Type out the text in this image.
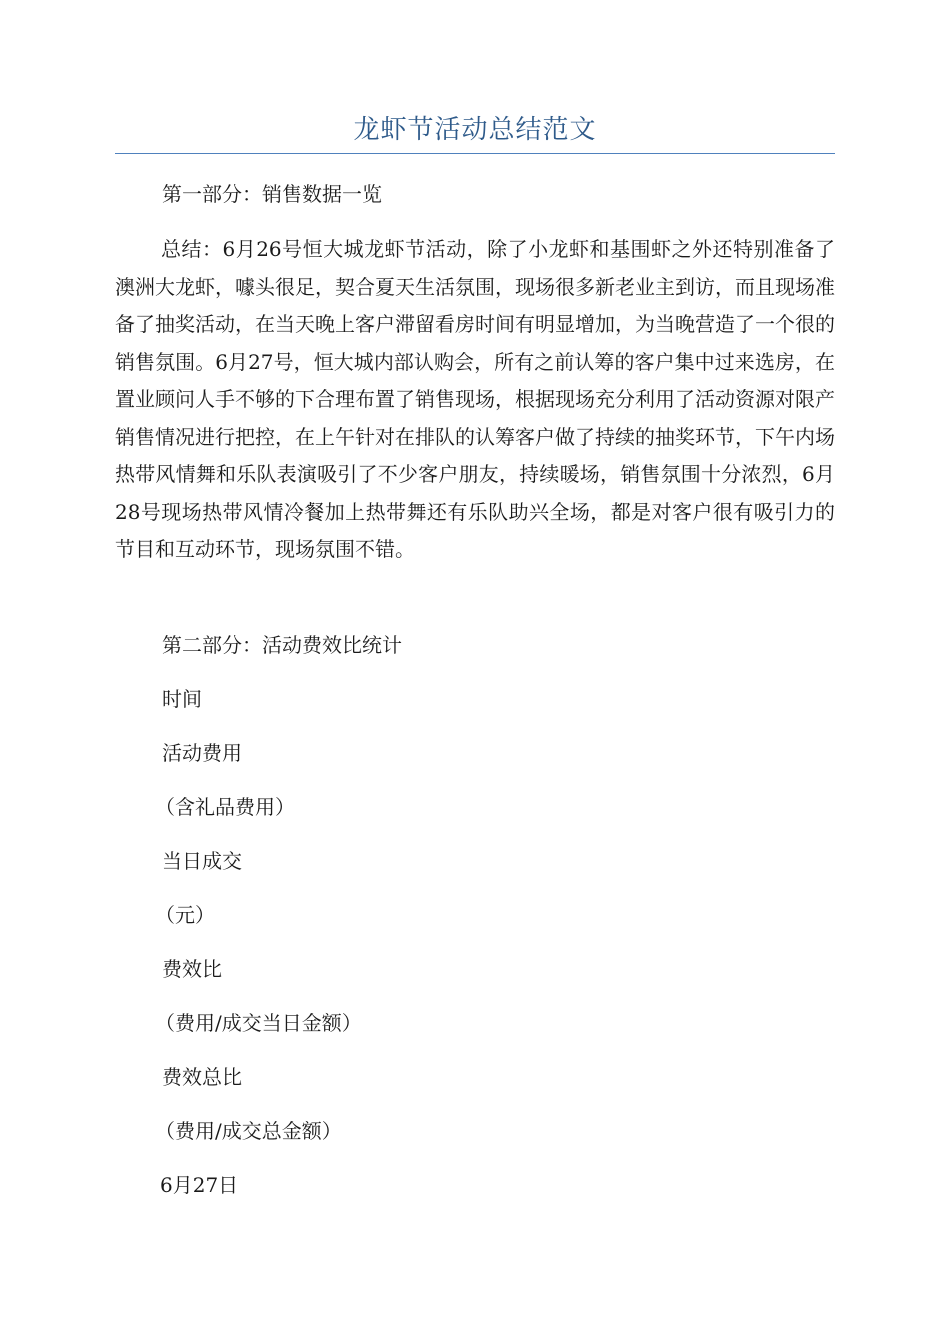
龙虾节活动总结范文
第一部分：销售数据一览

总结：6月26号恒大城龙虾节活动，除了小龙虾和基围虾之外还特别准备了澳洲大龙虾，噱头很足，契合夏天生活氛围，现场很多新老业主到访，而且现场准备了抽奖活动，在当天晚上客户滞留看房时间有明显增加，为当晚营造了一个很的销售氛围。6月27号，恒大城内部认购会，所有之前认筹的客户集中过来选房，在置业顾问人手不够的下合理布置了销售现场，根据现场充分利用了活动资源对限产销售情况进行把控，在上午针对在排队的认筹客户做了持续的抽奖环节，下午内场热带风情舞和乐队表演吸引了不少客户朋友，持续暖场，销售氛围十分浓烈，6月28号现场热带风情冷餐加上热带舞还有乐队助兴全场，都是对客户很有吸引力的节目和互动环节，现场氛围不错。

第二部分：活动费效比统计
时间
活动费用
（含礼品费用）
当日成交
（元）
费效比
（费用/成交当日金额）
费效总比
（费用/成交总金额）
6月27日
